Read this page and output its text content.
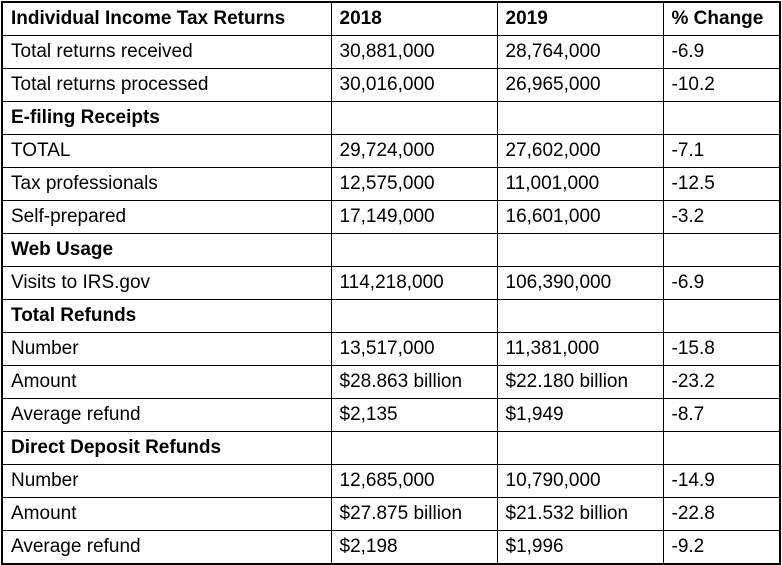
Individual Income Tax Returns	2018	2019	% Change
Total returns received	30,881,000	28,764,000	-6.9
Total returns processed	30,016,000	26,965,000	-10.2
E-filing Receipts			
TOTAL	29,724,000	27,602,000	-7.1
Tax professionals	12,575,000	11,001,000	-12.5
Self-prepared	17,149,000	16,601,000	-3.2
Web Usage			
Visits to IRS.gov	114,218,000	106,390,000	-6.9
Total Refunds			
Number	13,517,000	11,381,000	-15.8
Amount	$28.863 billion	$22.180 billion	-23.2
Average refund	$2,135	$1,949	-8.7
Direct Deposit Refunds			
Number	12,685,000	10,790,000	-14.9
Amount	$27.875 billion	$21.532 billion	-22.8
Average refund	$2,198	$1,996	-9.2
